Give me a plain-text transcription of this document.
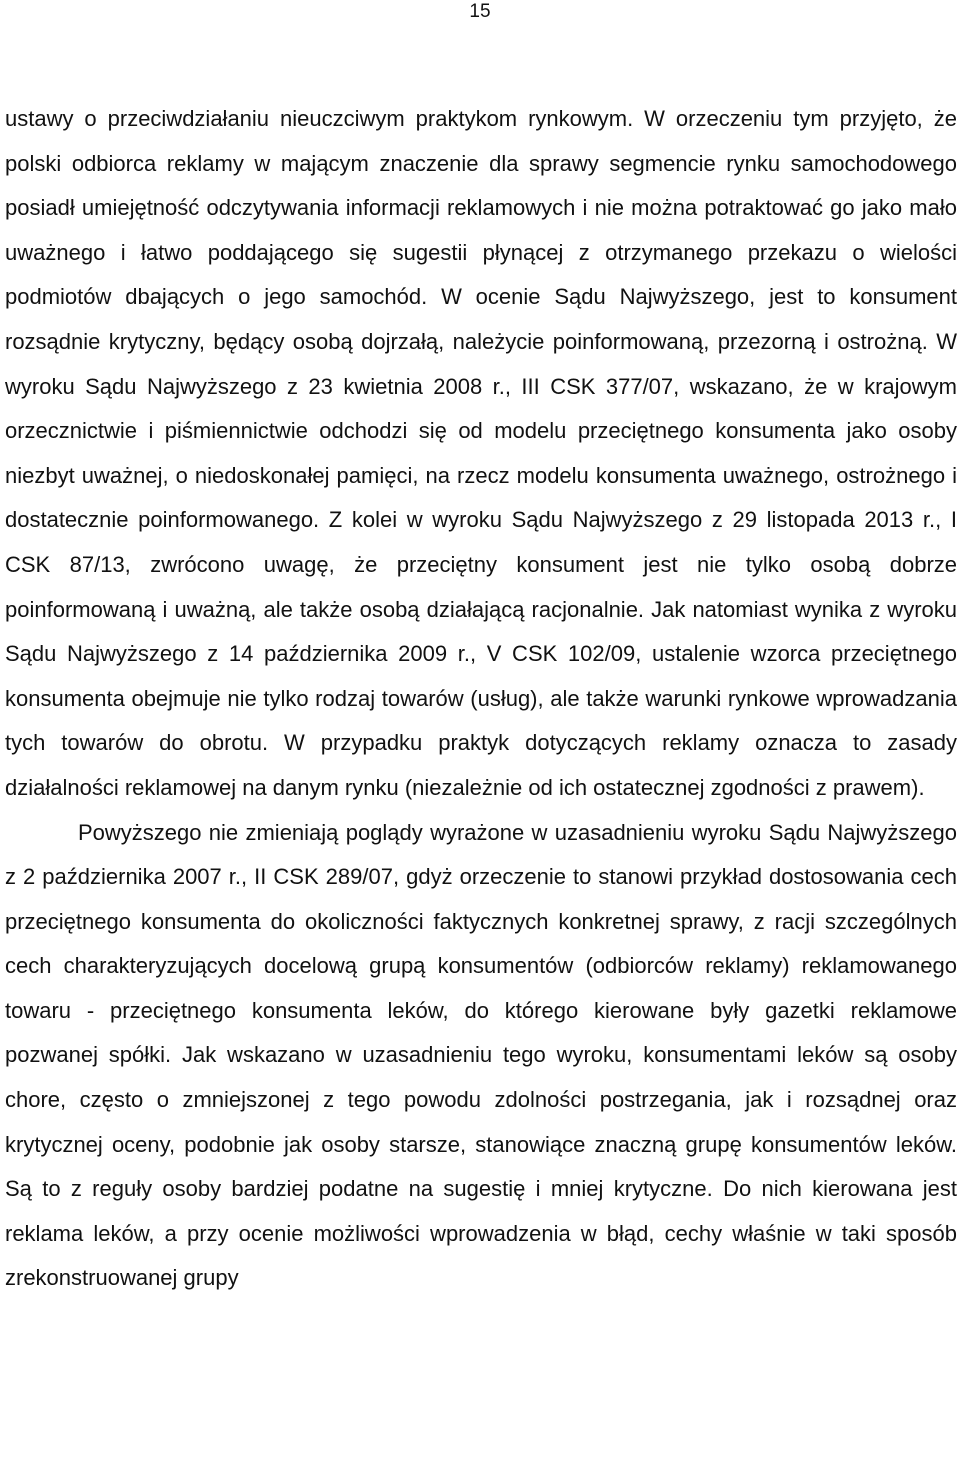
15

ustawy o przeciwdziałaniu nieuczciwym praktykom rynkowym. W orzeczeniu tym przyjęto, że polski odbiorca reklamy w mającym znaczenie dla sprawy segmencie rynku samochodowego posiadł umiejętność odczytywania informacji reklamowych i nie można potraktować go jako mało uważnego i łatwo poddającego się sugestii płynącej z otrzymanego przekazu o wielości podmiotów dbających o jego samochód. W ocenie Sądu Najwyższego, jest to konsument rozsądnie krytyczny, będący osobą dojrzałą, należycie poinformowaną, przezorną i ostrożną. W wyroku Sądu Najwyższego z 23 kwietnia 2008 r., III CSK 377/07, wskazano, że w krajowym orzecznictwie i piśmiennictwie odchodzi się od modelu przeciętnego konsumenta jako osoby niezbyt uważnej, o niedoskonałej pamięci, na rzecz modelu konsumenta uważnego, ostrożnego i dostatecznie poinformowanego. Z kolei w wyroku Sądu Najwyższego z 29 listopada 2013 r., I CSK 87/13, zwrócono uwagę, że przeciętny konsument jest nie tylko osobą dobrze poinformowaną i uważną, ale także osobą działającą racjonalnie. Jak natomiast wynika z wyroku Sądu Najwyższego z 14 października 2009 r., V CSK 102/09, ustalenie wzorca przeciętnego konsumenta obejmuje nie tylko rodzaj towarów (usług), ale także warunki rynkowe wprowadzania tych towarów do obrotu. W przypadku praktyk dotyczących reklamy oznacza to zasady działalności reklamowej na danym rynku (niezależnie od ich ostatecznej zgodności z prawem).

Powyższego nie zmieniają poglądy wyrażone w uzasadnieniu wyroku Sądu Najwyższego z 2 października 2007 r., II CSK 289/07, gdyż orzeczenie to stanowi przykład dostosowania cech przeciętnego konsumenta do okoliczności faktycznych konkretnej sprawy, z racji szczególnych cech charakteryzujących docelową grupą konsumentów (odbiorców reklamy) reklamowanego towaru - przeciętnego konsumenta leków, do którego kierowane były gazetki reklamowe pozwanej spółki. Jak wskazano w uzasadnieniu tego wyroku, konsumentami leków są osoby chore, często o zmniejszonej z tego powodu zdolności postrzegania, jak i rozsądnej oraz krytycznej oceny, podobnie jak osoby starsze, stanowiące znaczną grupę konsumentów leków. Są to z reguły osoby bardziej podatne na sugestię i mniej krytyczne. Do nich kierowana jest reklama leków, a przy ocenie możliwości wprowadzenia w błąd, cechy właśnie w taki sposób zrekonstruowanej grupy
